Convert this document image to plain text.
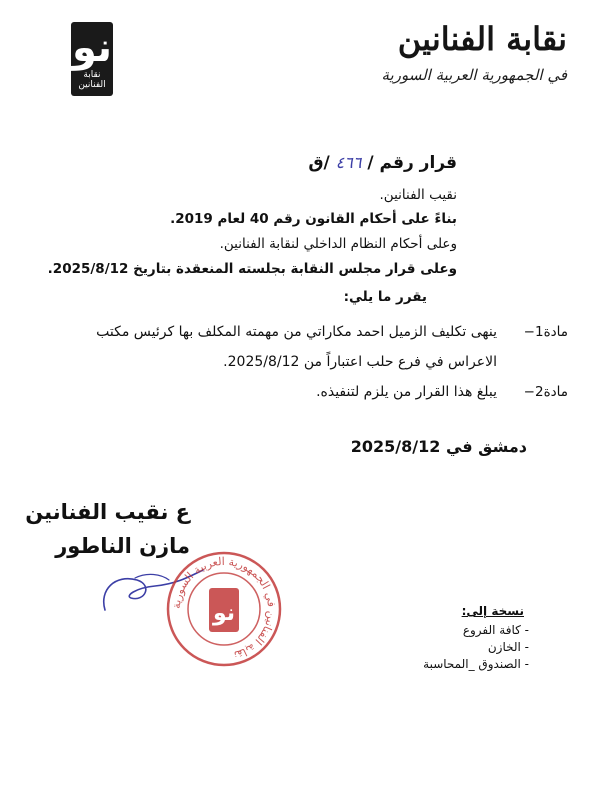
نو
نقابة الفنانين
نقابة الفنانين
في الجمهورية العربية السورية
قرار رقم / ٤٦٦ /ق
نقيب الفنانين.
بناءً على أحكام القانون رقم 40 لعام 2019.
وعلى أحكام النظام الداخلي لنقابة الفنانين.
وعلى قرار مجلس النقابة بجلسته المنعقدة بتاريخ 2025/8/12.
يقرر ما يلي:
مادة1−
ينهى تكليف الزميل احمد مكاراتي من مهمته المكلف بها كرئيس مكتب الاعراس في فرع حلب اعتباراً من 2025/8/12.
مادة2−
يبلغ هذا القرار من يلزم لتنفيذه.
دمشق في 2025/8/12
ع نقيب الفنانين
مازن الناطور
نقابة الفنانين في الجمهورية العربية السورية
نو	نسخة إلى:
- كافة الفروع
- الخازن
- الصندوق _المحاسبة
